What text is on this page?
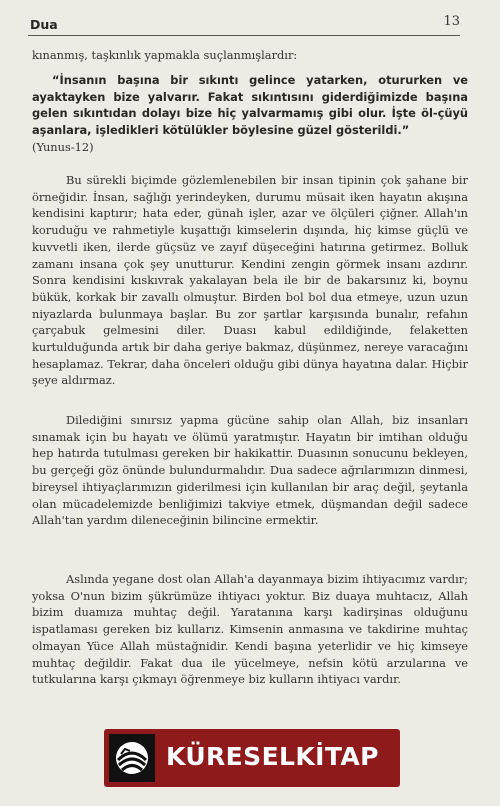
Dua	13

kınanmış, taşkınlık yapmakla suçlanmışlardır:

“İnsanın başına bir sıkıntı gelince yatarken, otururken ve ayaktayken bize yalvarır. Fakat sıkıntısını giderdiğimizde başına gelen sıkıntıdan dolayı bize hiç yalvarmamış gibi olur. İşte öl-çüyü aşanlara, işledikleri kötülükler böylesine güzel gösterildi.”

(Yunus-12)

Bu sürekli biçimde gözlemlenebilen bir insan tipinin çok şahane bir örneğidir. İnsan, sağlığı yerindeyken, durumu müsait iken hayatın akışına kendisini kaptırır; hata eder, günah işler, azar ve ölçüleri çiğner. Allah'ın koruduğu ve rahmetiyle kuşattığı kimselerin dışında, hiç kimse güçlü ve kuvvetli iken, ilerde güçsüz ve zayıf düşeceğini hatırına getirmez. Bolluk zamanı insana çok şey unutturur. Kendini zengin görmek insanı azdırır. Sonra kendisini kıskıvrak yakalayan bela ile bir de bakarsınız ki, boynu bükük, korkak bir zavallı olmuştur. Birden bol bol dua etmeye, uzun uzun niyazlarda bulunmaya başlar. Bu zor şartlar karşısında bunalır, refahın çarçabuk gelmesini diler. Duası kabul edildiğinde, felaketten kurtulduğunda artık bir daha geriye bakmaz, düşünmez, nereye varacağını hesaplamaz. Tekrar, daha önceleri olduğu gibi dünya hayatına dalar. Hiçbir şeye aldırmaz.

Dilediğini sınırsız yapma gücüne sahip olan Allah, biz insanları sınamak için bu hayatı ve ölümü yaratmıştır. Hayatın bir imtihan olduğu hep hatırda tutulması gereken bir hakikattir. Duasının sonucunu bekleyen, bu gerçeği göz önünde bulundurmalıdır. Dua sadece ağrılarımızın dinmesi, bireysel ihtiyaçlarımızın giderilmesi için kullanılan bir araç değil, şeytanla olan mücadelemizde benliğimizi takviye etmek, düşmandan değil sadece Allah'tan yardım dileneceğinin bilincine ermektir.

Aslında yegane dost olan Allah'a dayanmaya bizim ihtiyacımız vardır; yoksa O'nun bizim şükrümüze ihtiyacı yoktur. Biz duaya muhtacız, Allah bizim duamıza muhtaç değil. Yaratanına karşı kadirşinas olduğunu ispatlaması gereken biz kullarız. Kimsenin anmasına ve takdirine muhtaç olmayan Yüce Allah müstağnidir. Kendi başına yeterlidir ve hiç kimseye muhtaç değildir. Fakat dua ile yücelmeye, nefsin kötü arzularına ve tutkularına karşı çıkmayı öğrenmeye biz kulların ihtiyacı vardır.

KÜRESELKİTAP
